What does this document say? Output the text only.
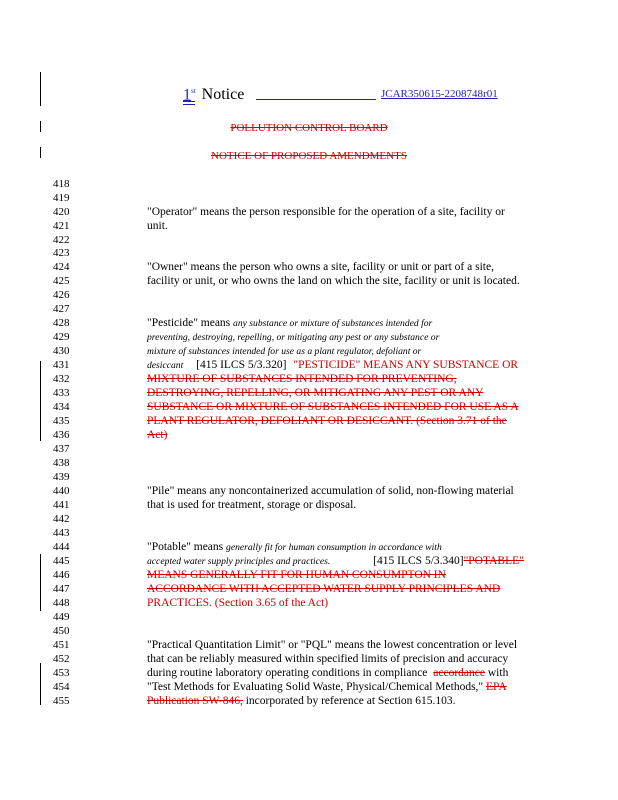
1st Notice	JCAR350615-2208748r01
POLLUTION CONTROL BOARD
NOTICE OF PROPOSED AMENDMENTS
418
419
420
421
422
423
424
425
426
427
428
429
430
431
432
433
434
435
436
437
438
439
440
441
442
443
444
445
446
447
448
449
450
451
452
453
454
455
"Operator" means the person responsible for the operation of a site, facility or
unit.
"Owner" means the person who owns a site, facility or unit or part of a site,
facility or unit, or who owns the land on which the site, facility or unit is located.
"Pesticide" means any substance or mixture of substances intended for
preventing, destroying, repelling, or mitigating any pest or any substance or
mixture of substances intended for use as a plant regulator, defoliant or
desiccant [415 ILCS 5/3.320] "PESTICIDE" MEANS ANY SUBSTANCE OR
MIXTURE OF SUBSTANCES INTENDED FOR PREVENTING,
DESTROYING, REPELLING, OR MITIGATING ANY PEST OR ANY
SUBSTANCE OR MIXTURE OF SUBSTANCES INTENDED FOR USE AS A
PLANT REGULATOR, DEFOLIANT OR DESICCANT. (Section 3.71 of the
Act)
"Pile" means any noncontainerized accumulation of solid, non-flowing material
that is used for treatment, storage or disposal.
"Potable" means generally fit for human consumption in accordance with
accepted water supply principles and practices.	[415 ILCS 5/3.340]"POTABLE"
MEANS GENERALLY FIT FOR HUMAN CONSUMPTON IN
ACCORDANCE WITH ACCEPTED WATER SUPPLY PRINCIPLES AND
PRACTICES. (Section 3.65 of the Act)
"Practical Quantitation Limit" or "PQL" means the lowest concentration or level
that can be reliably measured within specified limits of precision and accuracy
during routine laboratory operating conditions in compliance accordance with
"Test Methods for Evaluating Solid Waste, Physical/Chemical Methods," EPA
Publication SW-846, incorporated by reference at Section 615.103.
